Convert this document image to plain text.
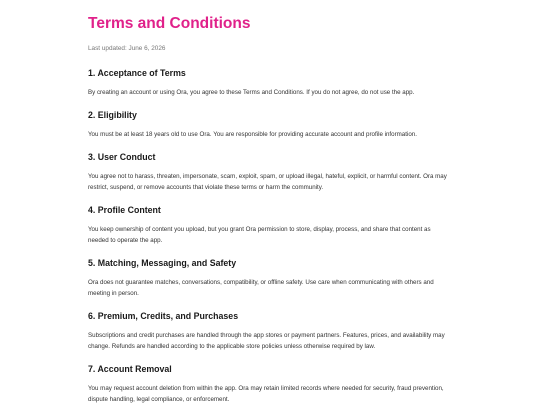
Terms and Conditions

Last updated: June 6, 2026

1. Acceptance of Terms

By creating an account or using Ora, you agree to these Terms and Conditions. If you do not agree, do not use the app.

2. Eligibility

You must be at least 18 years old to use Ora. You are responsible for providing accurate account and profile information.

3. User Conduct

You agree not to harass, threaten, impersonate, scam, exploit, spam, or upload illegal, hateful, explicit, or harmful content. Ora may restrict, suspend, or remove accounts that violate these terms or harm the community.

4. Profile Content

You keep ownership of content you upload, but you grant Ora permission to store, display, process, and share that content as needed to operate the app.

5. Matching, Messaging, and Safety

Ora does not guarantee matches, conversations, compatibility, or offline safety. Use care when communicating with others and meeting in person.

6. Premium, Credits, and Purchases

Subscriptions and credit purchases are handled through the app stores or payment partners. Features, prices, and availability may change. Refunds are handled according to the applicable store policies unless otherwise required by law.

7. Account Removal

You may request account deletion from within the app. Ora may retain limited records where needed for security, fraud prevention, dispute handling, legal compliance, or enforcement.
